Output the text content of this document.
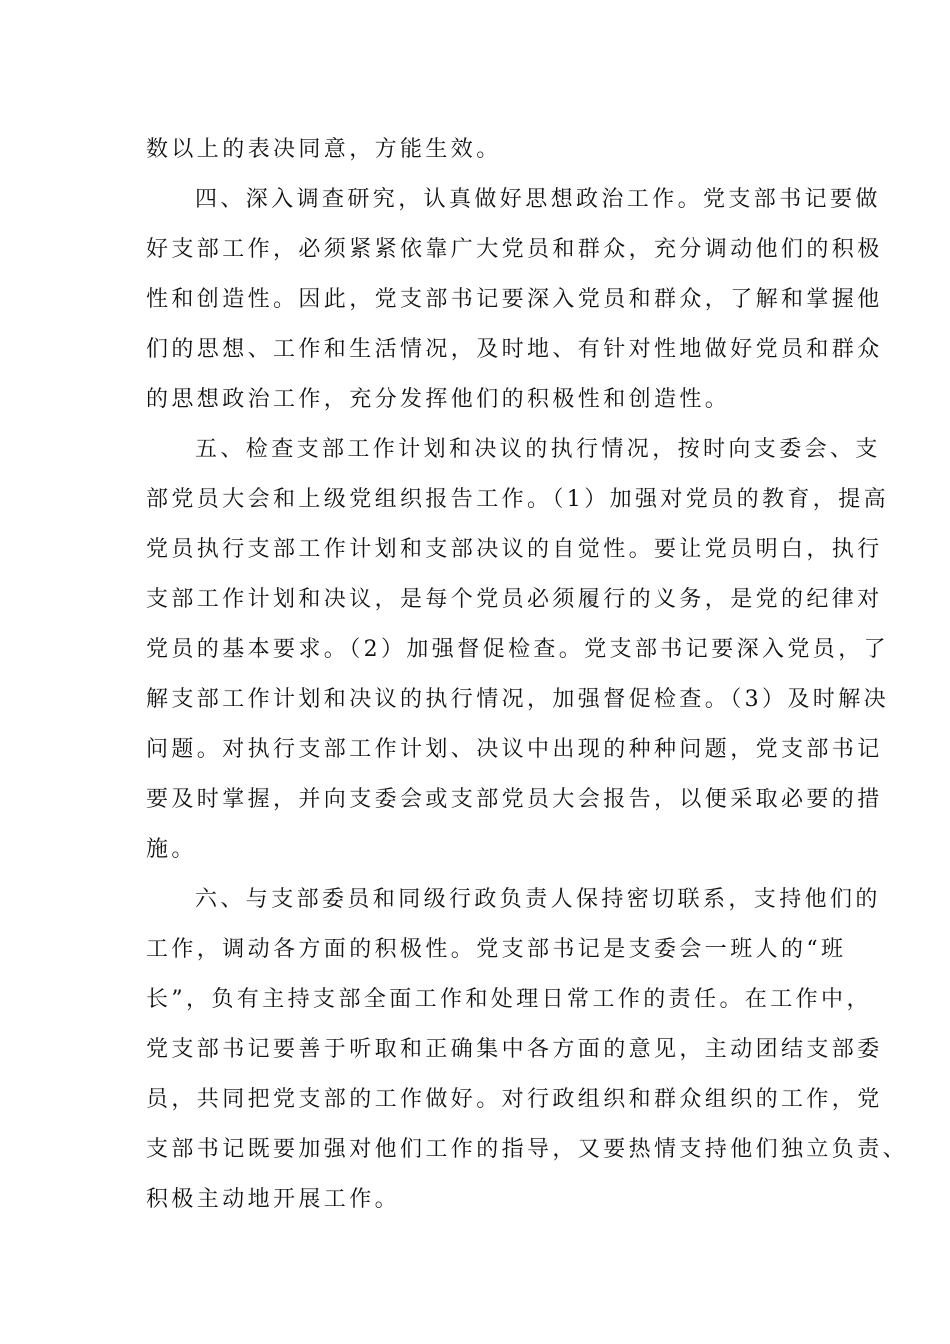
数以上的表决同意，方能生效。
四、深入调查研究，认真做好思想政治工作。党支部书记要做
好支部工作，必须紧紧依靠广大党员和群众，充分调动他们的积极
性和创造性。因此，党支部书记要深入党员和群众，了解和掌握他
们的思想、工作和生活情况，及时地、有针对性地做好党员和群众
的思想政治工作，充分发挥他们的积极性和创造性。
五、检查支部工作计划和决议的执行情况，按时向支委会、支
部党员大会和上级党组织报告工作。（1）加强对党员的教育，提高
党员执行支部工作计划和支部决议的自觉性。要让党员明白，执行
支部工作计划和决议，是每个党员必须履行的义务，是党的纪律对
党员的基本要求。（2）加强督促检查。党支部书记要深入党员，了
解支部工作计划和决议的执行情况，加强督促检查。（3）及时解决
问题。对执行支部工作计划、决议中出现的种种问题，党支部书记
要及时掌握，并向支委会或支部党员大会报告，以便采取必要的措
施。
六、与支部委员和同级行政负责人保持密切联系，支持他们的
工作，调动各方面的积极性。党支部书记是支委会一班人的“班
长”，负有主持支部全面工作和处理日常工作的责任。在工作中，
党支部书记要善于听取和正确集中各方面的意见，主动团结支部委
员，共同把党支部的工作做好。对行政组织和群众组织的工作，党
支部书记既要加强对他们工作的指导，又要热情支持他们独立负责、
积极主动地开展工作。
